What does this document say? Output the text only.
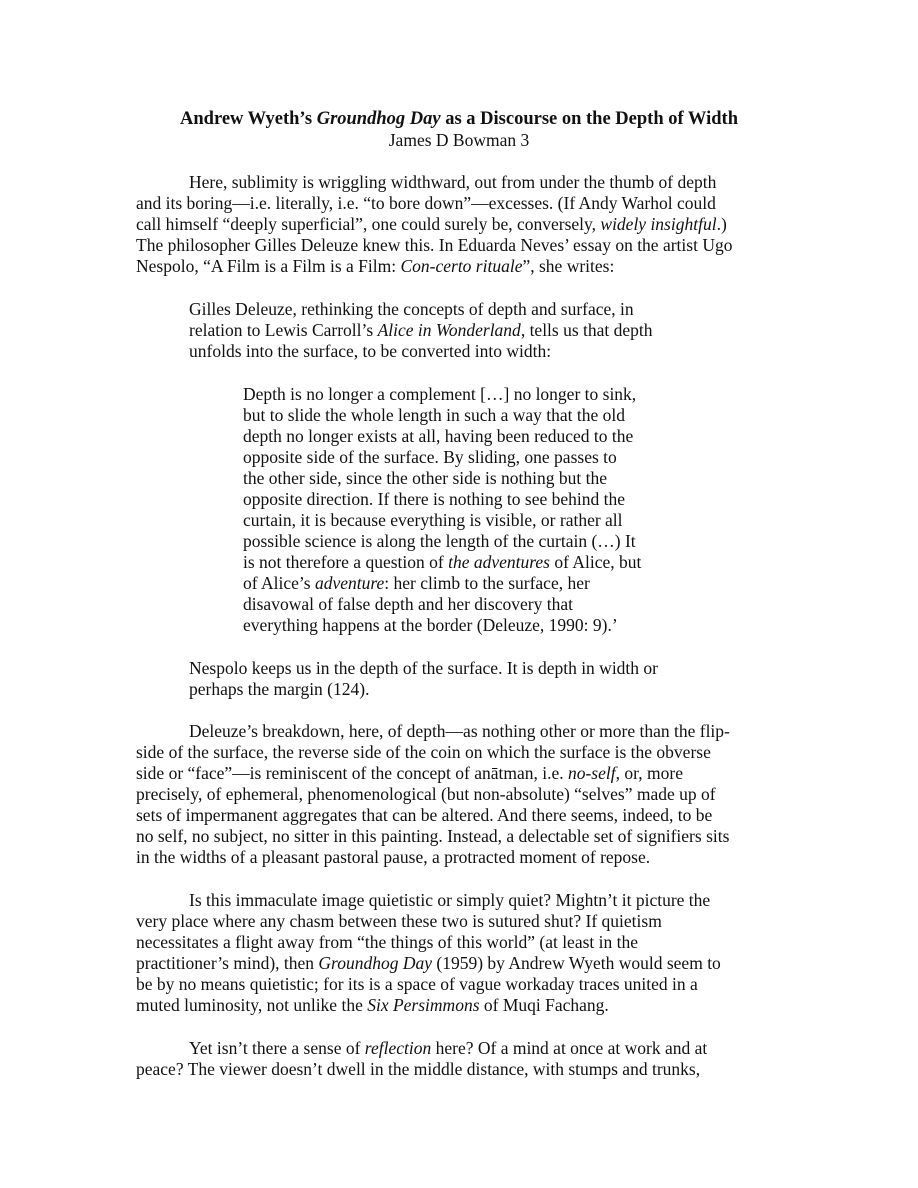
Andrew Wyeth’s Groundhog Day as a Discourse on the Depth of Width
James D Bowman 3
Here, sublimity is wriggling widthward, out from under the thumb of depth
and its boring—i.e. literally, i.e. “to bore down”—excesses. (If Andy Warhol could
call himself “deeply superficial”, one could surely be, conversely, widely insightful.)
The philosopher Gilles Deleuze knew this. In Eduarda Neves’ essay on the artist Ugo
Nespolo, “A Film is a Film is a Film: Con-certo rituale”, she writes:
Gilles Deleuze, rethinking the concepts of depth and surface, in
relation to Lewis Carroll’s Alice in Wonderland, tells us that depth
unfolds into the surface, to be converted into width:
Depth is no longer a complement […] no longer to sink,
but to slide the whole length in such a way that the old
depth no longer exists at all, having been reduced to the
opposite side of the surface. By sliding, one passes to
the other side, since the other side is nothing but the
opposite direction. If there is nothing to see behind the
curtain, it is because everything is visible, or rather all
possible science is along the length of the curtain (…) It
is not therefore a question of the adventures of Alice, but
of Alice’s adventure: her climb to the surface, her
disavowal of false depth and her discovery that
everything happens at the border (Deleuze, 1990: 9).’
Nespolo keeps us in the depth of the surface. It is depth in width or
perhaps the margin (124).
Deleuze’s breakdown, here, of depth—as nothing other or more than the flip-
side of the surface, the reverse side of the coin on which the surface is the obverse
side or “face”—is reminiscent of the concept of anātman, i.e. no-self, or, more
precisely, of ephemeral, phenomenological (but non-absolute) “selves” made up of
sets of impermanent aggregates that can be altered. And there seems, indeed, to be
no self, no subject, no sitter in this painting. Instead, a delectable set of signifiers sits
in the widths of a pleasant pastoral pause, a protracted moment of repose.
Is this immaculate image quietistic or simply quiet? Mightn’t it picture the
very place where any chasm between these two is sutured shut? If quietism
necessitates a flight away from “the things of this world” (at least in the
practitioner’s mind), then Groundhog Day (1959) by Andrew Wyeth would seem to
be by no means quietistic; for its is a space of vague workaday traces united in a
muted luminosity, not unlike the Six Persimmons of Muqi Fachang.
Yet isn’t there a sense of reflection here? Of a mind at once at work and at
peace? The viewer doesn’t dwell in the middle distance, with stumps and trunks,
